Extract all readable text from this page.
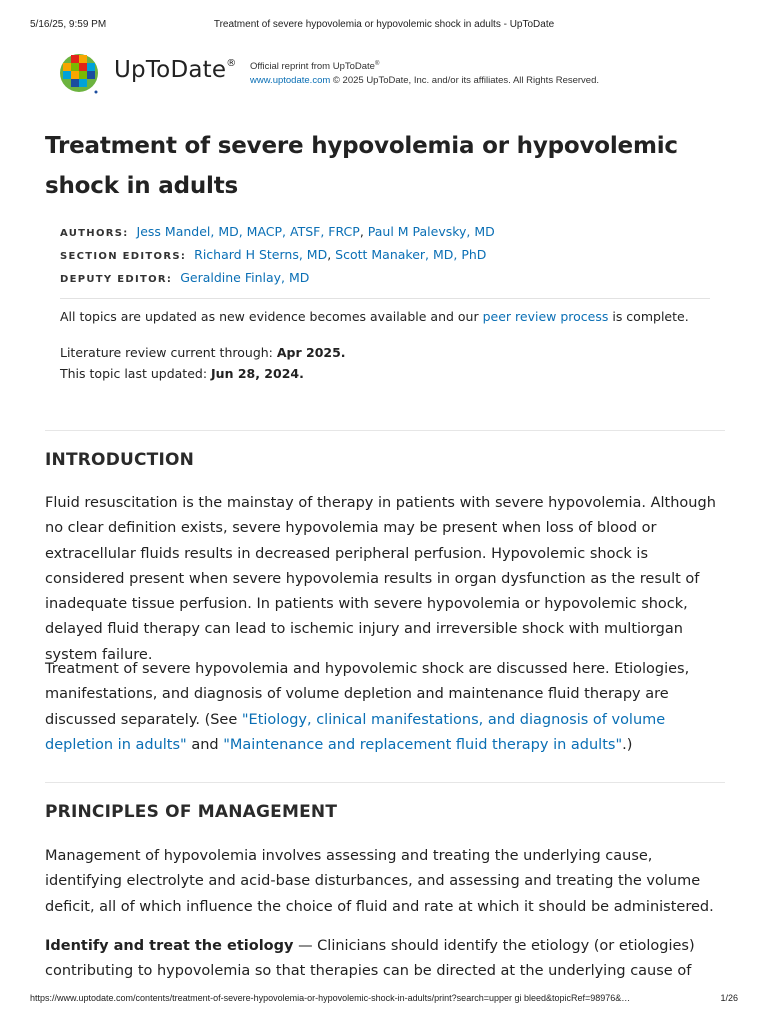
5/16/25, 9:59 PM	Treatment of severe hypovolemia or hypovolemic shock in adults - UpToDate
UpToDate® Official reprint from UpToDate®
www.uptodate.com © 2025 UpToDate, Inc. and/or its affiliates. All Rights Reserved.
Treatment of severe hypovolemia or hypovolemic shock in adults
AUTHORS: Jess Mandel, MD, MACP, ATSF, FRCP, Paul M Palevsky, MD
SECTION EDITORS: Richard H Sterns, MD, Scott Manaker, MD, PhD
DEPUTY EDITOR: Geraldine Finlay, MD

All topics are updated as new evidence becomes available and our peer review process is complete.

Literature review current through: Apr 2025.
This topic last updated: Jun 28, 2024.
INTRODUCTION

Fluid resuscitation is the mainstay of therapy in patients with severe hypovolemia. Although no clear definition exists, severe hypovolemia may be present when loss of blood or extracellular fluids results in decreased peripheral perfusion. Hypovolemic shock is considered present when severe hypovolemia results in organ dysfunction as the result of inadequate tissue perfusion. In patients with severe hypovolemia or hypovolemic shock, delayed fluid therapy can lead to ischemic injury and irreversible shock with multiorgan system failure.

Treatment of severe hypovolemia and hypovolemic shock are discussed here. Etiologies, manifestations, and diagnosis of volume depletion and maintenance fluid therapy are discussed separately. (See "Etiology, clinical manifestations, and diagnosis of volume depletion in adults" and "Maintenance and replacement fluid therapy in adults".)

PRINCIPLES OF MANAGEMENT

Management of hypovolemia involves assessing and treating the underlying cause, identifying electrolyte and acid-base disturbances, and assessing and treating the volume deficit, all of which influence the choice of fluid and rate at which it should be administered.

Identify and treat the etiology — Clinicians should identify the etiology (or etiologies) contributing to hypovolemia so that therapies can be directed at the underlying cause of

https://www.uptodate.com/contents/treatment-of-severe-hypovolemia-or-hypovolemic-shock-in-adults/print?search=upper gi bleed&topicRef=98976&…	1/26
